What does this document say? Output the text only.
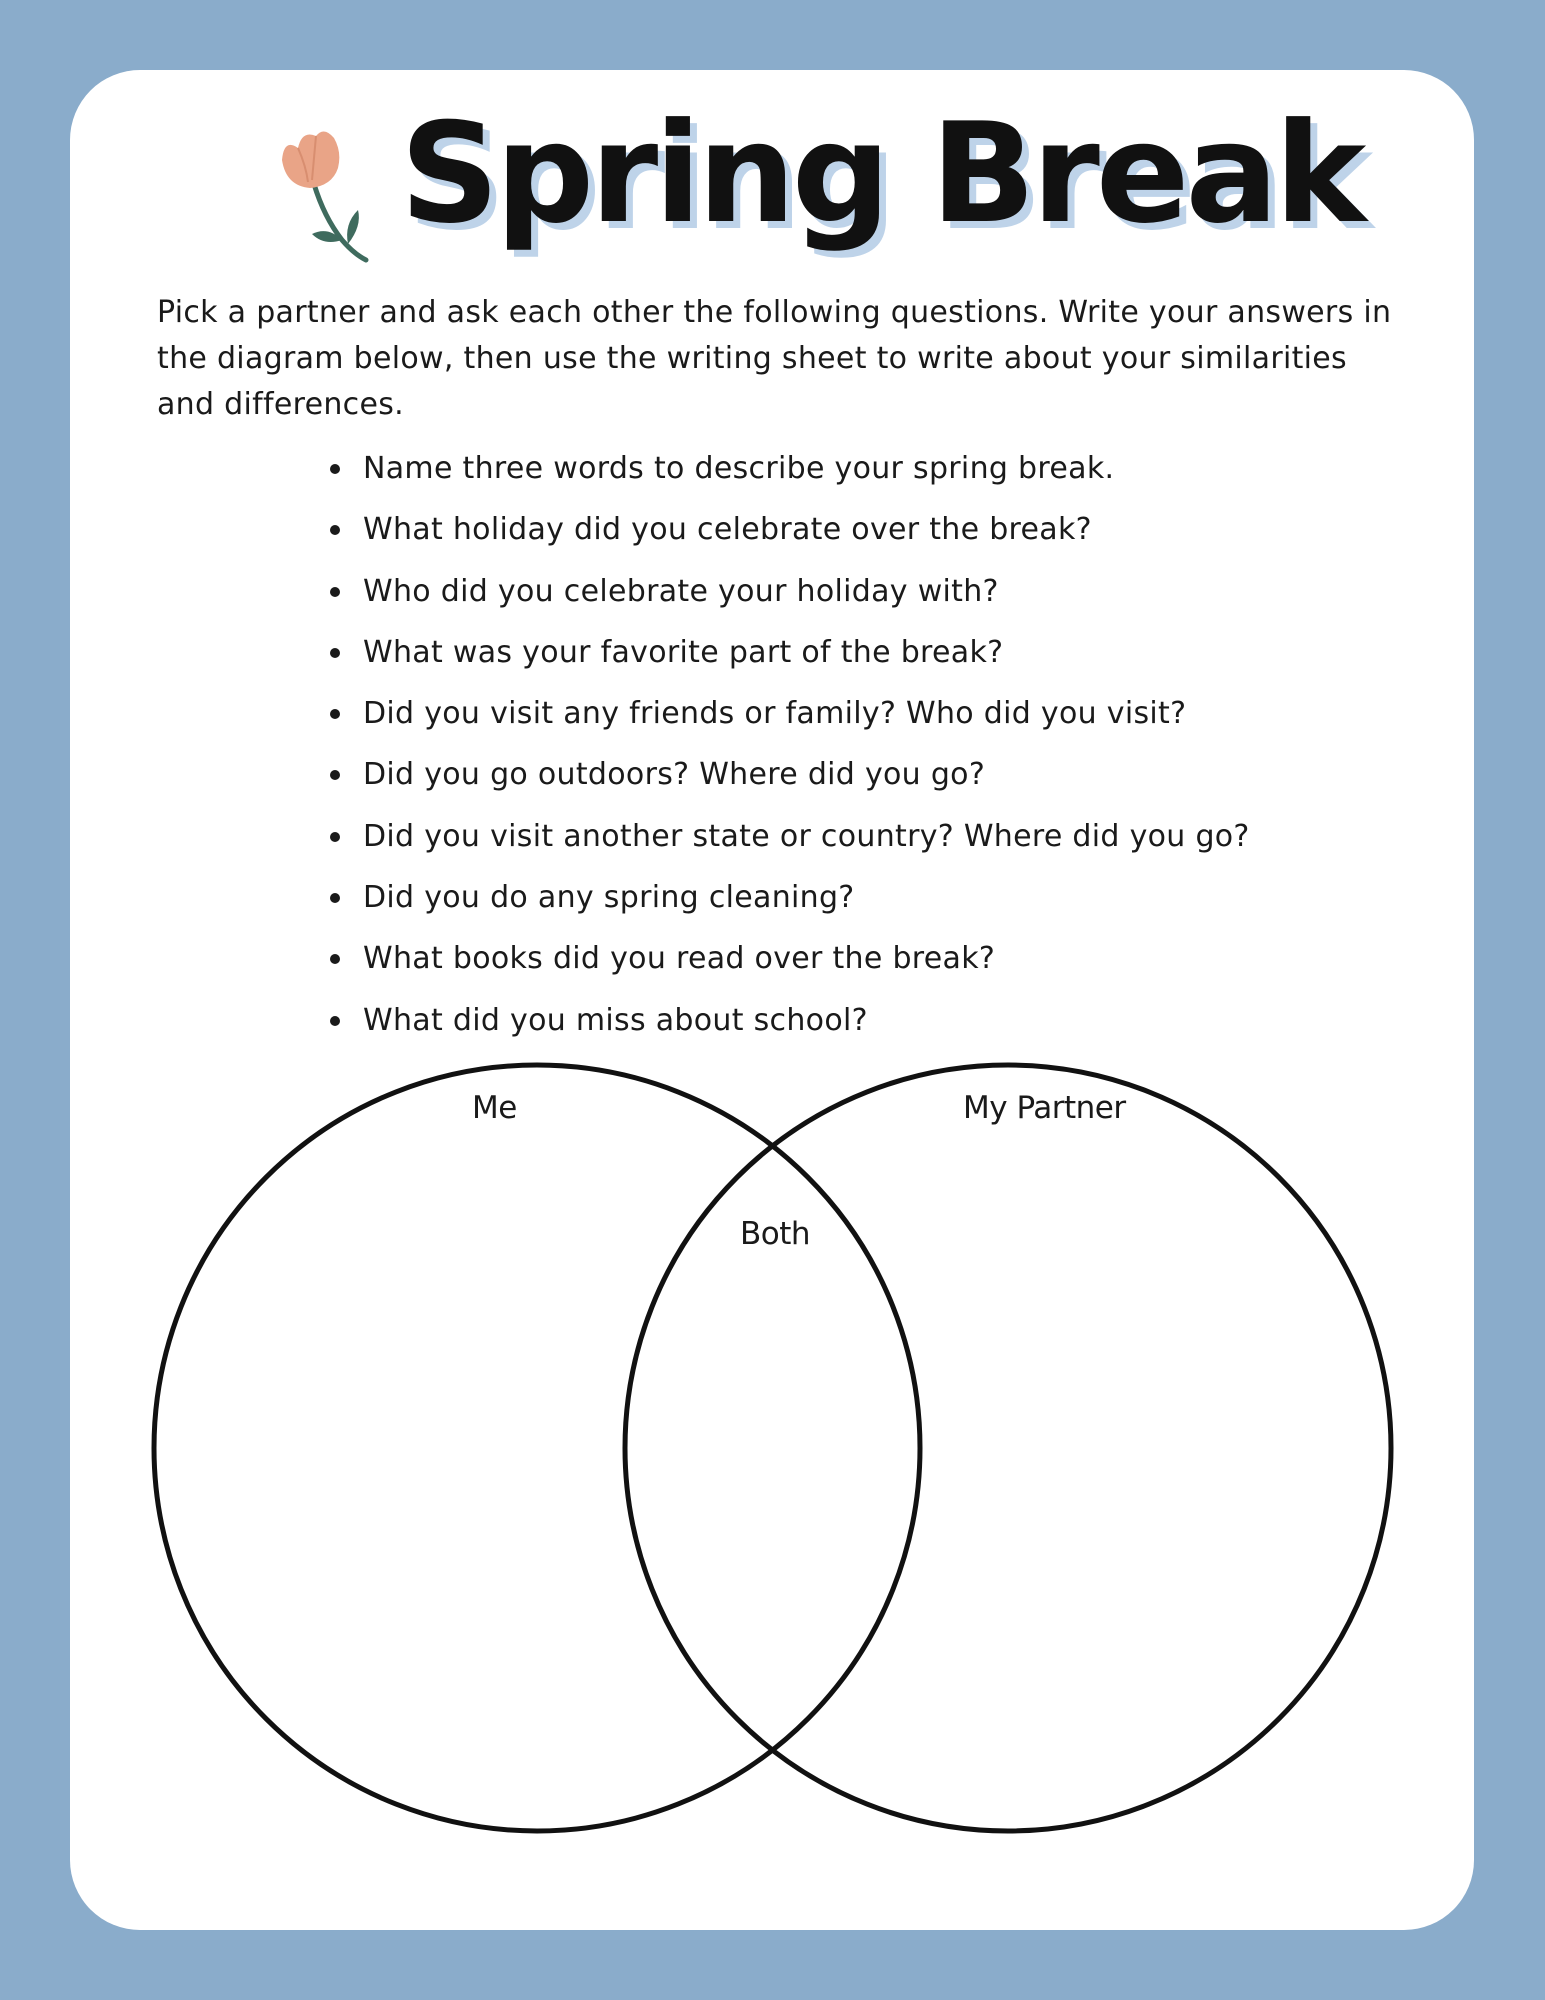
Spring Break

Pick a partner and ask each other the following questions. Write your answers in the diagram below, then use the writing sheet to write about your similarities and differences.

Name three words to describe your spring break.
What holiday did you celebrate over the break?
Who did you celebrate your holiday with?
What was your favorite part of the break?
Did you visit any friends or family? Who did you visit?
Did you go outdoors? Where did you go?
Did you visit another state or country? Where did you go?
Did you do any spring cleaning?
What books did you read over the break?
What did you miss about school?
Me	My Partner
Both
